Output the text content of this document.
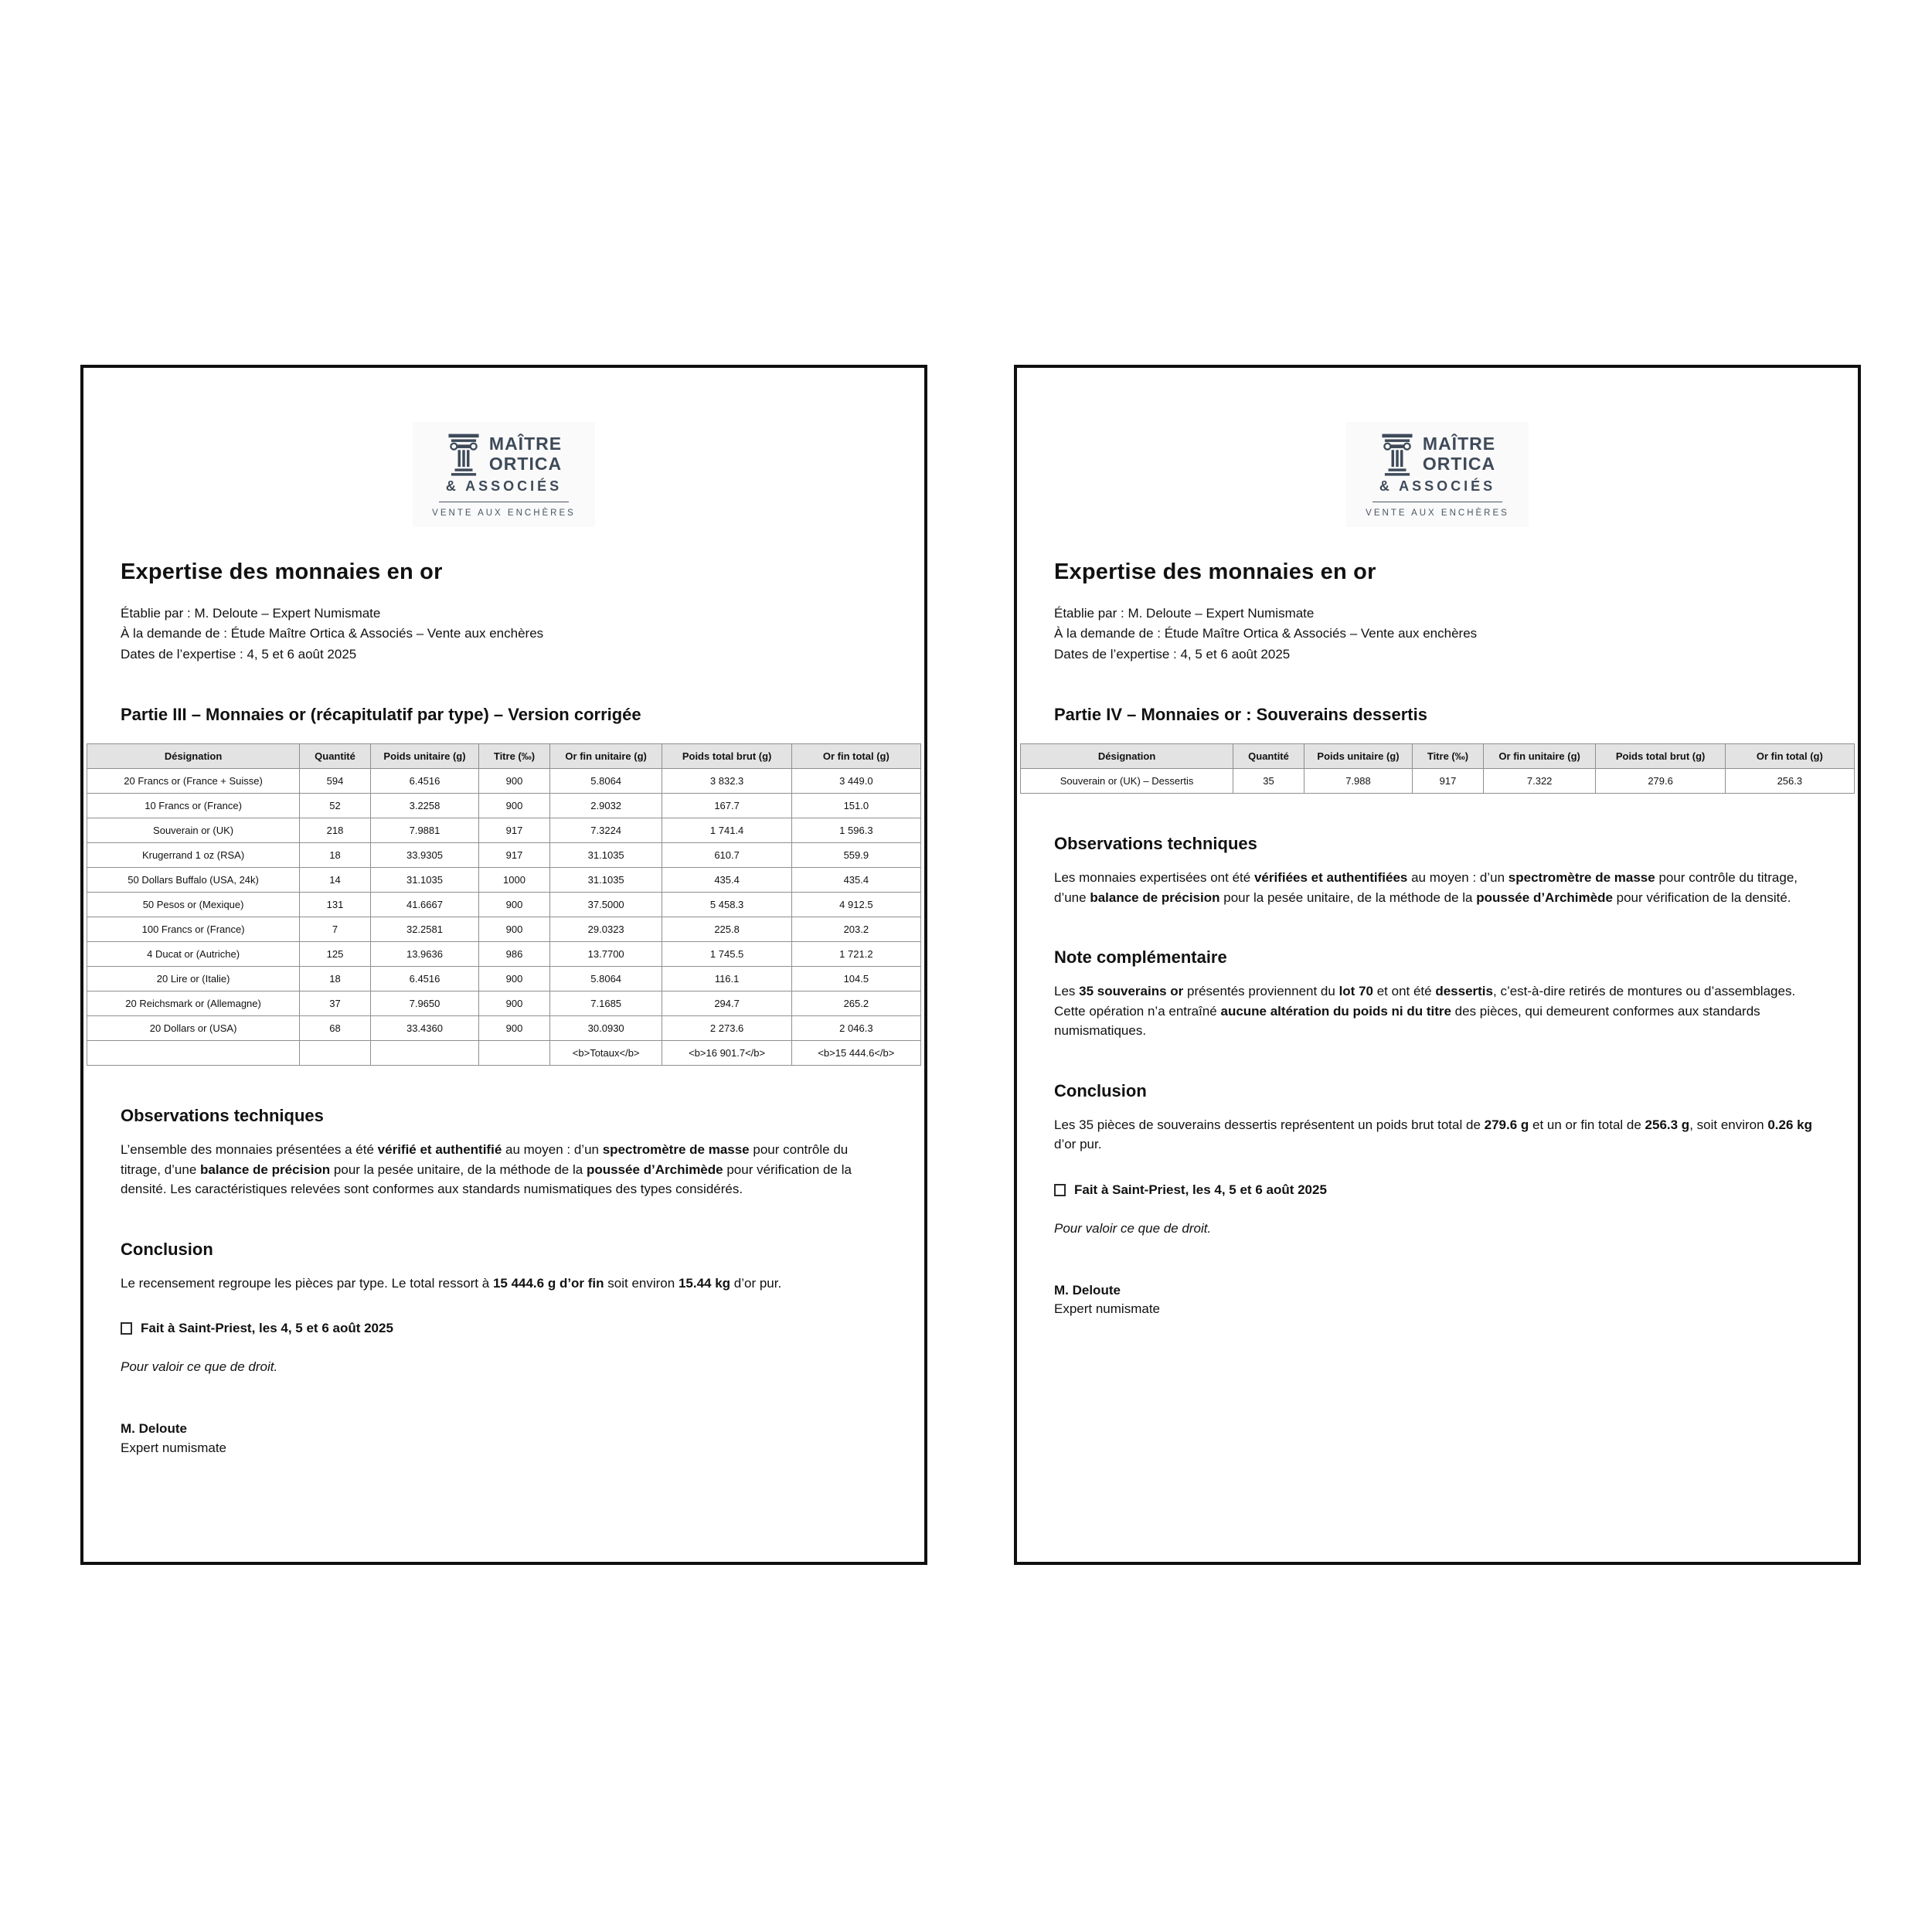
MAÎTRE
ORTICA
& ASSOCIÉS
VENTE AUX ENCHÈRES
Expertise des monnaies en or
Établie par : M. Deloute – Expert Numismate
À la demande de : Étude Maître Ortica & Associés – Vente aux enchères
Dates de l’expertise : 4, 5 et 6 août 2025
Partie III – Monnaies or (récapitulatif par type) – Version corrigée
Désignation	Quantité	Poids unitaire (g)	Titre (‰)	Or fin unitaire (g)	Poids total brut (g)	Or fin total (g)
20 Francs or (France + Suisse)	594	6.4516	900	5.8064	3 832.3	3 449.0
10 Francs or (France)	52	3.2258	900	2.9032	167.7	151.0
Souverain or (UK)	218	7.9881	917	7.3224	1 741.4	1 596.3
Krugerrand 1 oz (RSA)	18	33.9305	917	31.1035	610.7	559.9
50 Dollars Buffalo (USA, 24k)	14	31.1035	1000	31.1035	435.4	435.4
50 Pesos or (Mexique)	131	41.6667	900	37.5000	5 458.3	4 912.5
100 Francs or (France)	7	32.2581	900	29.0323	225.8	203.2
4 Ducat or (Autriche)	125	13.9636	986	13.7700	1 745.5	1 721.2
20 Lire or (Italie)	18	6.4516	900	5.8064	116.1	104.5
20 Reichsmark or (Allemagne)	37	7.9650	900	7.1685	294.7	265.2
20 Dollars or (USA)	68	33.4360	900	30.0930	2 273.6	2 046.3
				<b>Totaux</b>	<b>16 901.7</b>	<b>15 444.6</b>
Observations techniques

L’ensemble des monnaies présentées a été vérifié et authentifié au moyen : d’un spectromètre de masse pour contrôle du titrage, d’une balance de précision pour la pesée unitaire, de la méthode de la poussée d’Archimède pour vérification de la densité. Les caractéristiques relevées sont conformes aux standards numismatiques des types considérés.

Conclusion

Le recensement regroupe les pièces par type. Le total ressort à 15 444.6 g d’or fin soit environ 15.44 kg d’or pur.

Fait à Saint-Priest, les 4, 5 et 6 août 2025

Pour valoir ce que de droit.

M. Deloute
Expert numismate
MAÎTRE
ORTICA
& ASSOCIÉS
VENTE AUX ENCHÈRES
Expertise des monnaies en or
Établie par : M. Deloute – Expert Numismate
À la demande de : Étude Maître Ortica & Associés – Vente aux enchères
Dates de l’expertise : 4, 5 et 6 août 2025
Partie IV – Monnaies or : Souverains dessertis
Désignation	Quantité	Poids unitaire (g)	Titre (‰)	Or fin unitaire (g)	Poids total brut (g)	Or fin total (g)
Souverain or (UK) – Dessertis	35	7.988	917	7.322	279.6	256.3
Observations techniques

Les monnaies expertisées ont été vérifiées et authentifiées au moyen : d’un spectromètre de masse pour contrôle du titrage, d’une balance de précision pour la pesée unitaire, de la méthode de la poussée d’Archimède pour vérification de la densité.

Note complémentaire

Les 35 souverains or présentés proviennent du lot 70 et ont été dessertis, c’est-à-dire retirés de montures ou d’assemblages. Cette opération n’a entraîné aucune altération du poids ni du titre des pièces, qui demeurent conformes aux standards numismatiques.

Conclusion

Les 35 pièces de souverains dessertis représentent un poids brut total de 279.6 g et un or fin total de 256.3 g, soit environ 0.26 kg d’or pur.

Fait à Saint-Priest, les 4, 5 et 6 août 2025

Pour valoir ce que de droit.

M. Deloute
Expert numismate
